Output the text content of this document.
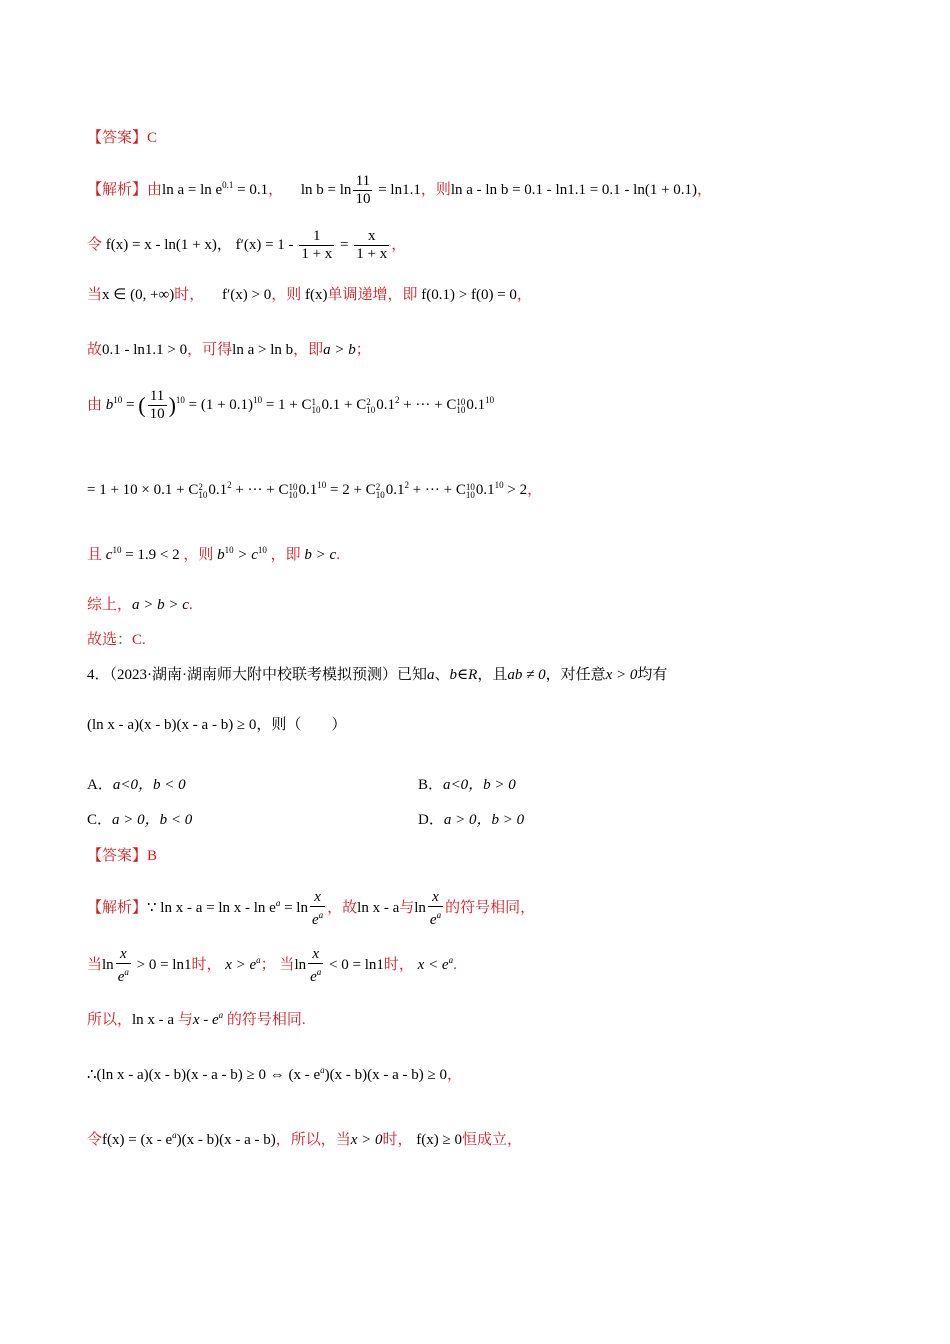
【答案】C
【解析】由$\ln a = \ln e^{0.1} = 0.1$， $\ln b = \ln \frac{11}{10} = \ln 1.1$，则ln a - ln b = 0.1 - ln1.1 = 0.1 - ln(1 + 0.1)，
令 f(x) = x - ln(1 + x)， $f'(x) = 1 - \frac{1}{1 + x} = \frac{x}{1 + x}$ ，
当x ∈ (0, +∞)时， f′(x) > 0，则 f(x)单调递增，即 f(0.1) > f(0) = 0，
故0.1 - ln1.1 > 0，可得ln a > ln b，即a > b；
由 $b^{10}$ = ( $\frac{11}{10} )^{10} = (1 + 0.1)^{10} = 1 + C$ 1
10 0.1 + C 2
10 $0.1^2$ + ··· + C 10
10 $0.1^{10}$
= 1 + 10 × 0.1 + C 2
10 $0.1^2$ + ··· + C 10
10 $0.1^{10} = 2 + C$ 2
10 $0.1^2$ + ··· + C 10
10 $0.1^{10} > 2$，
且 $c^{10} = 1.9 < 2$ ，则 $b^{10} > c^{10}$ ，即 b > c.
综上，a > b > c.
故选：C.
4．（2023·湖南·湖南师大附中校联考模拟预测）已知a、b∈R，且ab ≠ 0，对任意x > 0均有
(ln x - a)(x - b)(x - a - b) ≥ 0，则（　　）
A．a<0，b < 0	B．a<0，b > 0
C．a > 0，b < 0	D．a > 0，b > 0
【答案】B
【解析】∵ $\ln x - a = \ln x - \ln e^a = \ln \frac{x}{e^a}$ ，故ln x - a与$\ln \frac{x}{e^a}$ 的符号相同，
当$\ln \frac{x}{e^a} > 0 = \ln 1$时， $x > e^a$； 当$\ln \frac{x}{e^a} < 0 = \ln 1$时， $x < e^a$.
所以，ln x - a 与x - $e^a$ 的符号相同.
∴(ln x - a)(x - b)(x - a - b) ≥ 0 ⇔ $(x - e^a)(x - b)(x - a - b) \ge 0$，
令$f(x) = (x - e^a)(x - b)(x - a - b)$，所以，当x > 0时， f(x) ≥ 0恒成立，
